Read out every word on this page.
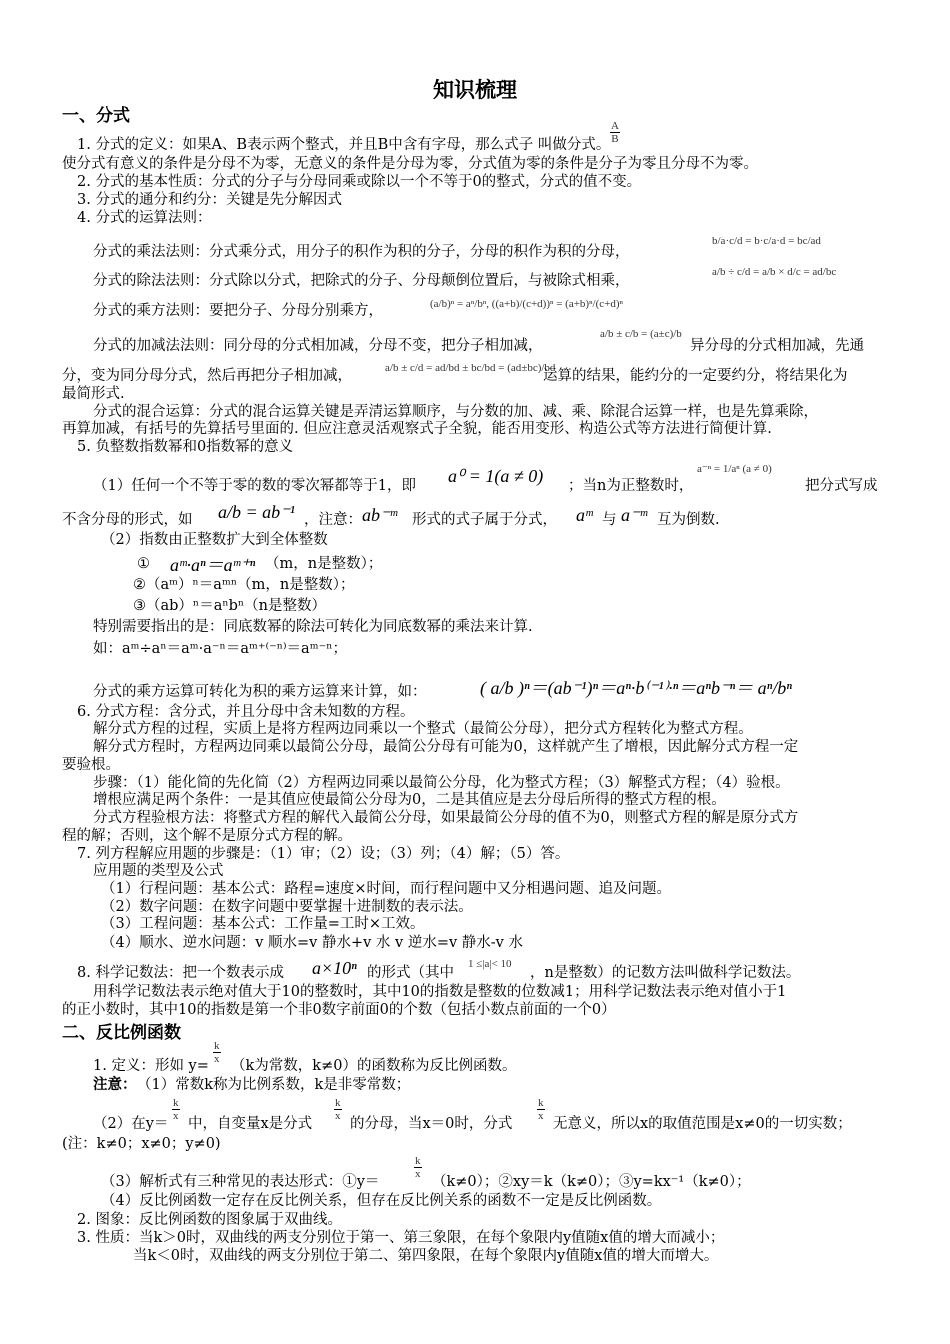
知识梳理
一、分式
1. 分式的定义：如果A、B表示两个整式，并且B中含有字母，那么式子 叫做分式。 $\frac{A}{B}$
使分式有意义的条件是分母不为零，无意义的条件是分母为零，分式值为零的条件是分子为零且分母不为零。
2. 分式的基本性质：分式的分子与分母同乘或除以一个不等于0的整式，分式的值不变。
3. 分式的通分和约分：关键是先分解因式
4. 分式的运算法则：
分式的乘法法则：分式乘分式，用分子的积作为积的分子，分母的积作为积的分母，
b/a·c/d = b·c/a·d = bc/ad
分式的除法法则：分式除以分式，把除式的分子、分母颠倒位置后，与被除式相乘，
a/b ÷ c/d = a/b × d/c = ad/bc
分式的乘方法则：要把分子、分母分别乘方，	(a/b)ⁿ = aⁿ/bⁿ, ((a+b)/(c+d))ⁿ = (a+b)ⁿ/(c+d)ⁿ
分式的加减法法则：同分母的分式相加减，分母不变，把分子相加减，
a/b ± c/b = (a±c)/b
异分母的分式相加减，先通
分，变为同分母分式，然后再把分子相加减，	a/b ± c/d = ad/bd ± bc/bd = (ad±bc)/bd
运算的结果，能约分的一定要约分，将结果化为
最简形式.
分式的混合运算：分式的混合运算关键是弄清运算顺序，与分数的加、减、乘、除混合运算一样，也是先算乘除，
再算加减，有括号的先算括号里面的. 但应注意灵活观察式子全貌，能否用变形、构造公式等方法进行简便计算.
5. 负整数指数幂和0指数幂的意义
（1）任何一个不等于零的数的零次幂都等于1，即 a⁰ = 1(a ≠ 0) ；当n为正整数时，
a⁻ⁿ = 1/aⁿ (a ≠ 0)
把分式写成
不含分母的形式，如 a/b = ab⁻¹ ，注意： ab⁻ᵐ 形式的式子属于分式， aᵐ 与 a⁻ᵐ 互为倒数.
（2）指数由正整数扩大到全体整数
① aᵐ·aⁿ＝aᵐ⁺ⁿ （m，n是整数）；
②（aᵐ）ⁿ＝aᵐⁿ（m，n是整数）；
③（ab）ⁿ＝aⁿbⁿ（n是整数）
特别需要指出的是：同底数幂的除法可转化为同底数幂的乘法来计算.
如：aᵐ÷aⁿ＝aᵐ·a⁻ⁿ＝aᵐ⁺⁽⁻ⁿ⁾＝aᵐ⁻ⁿ；
分式的乘方运算可转化为积的乘方运算来计算，如：	( a/b )ⁿ＝(ab⁻¹)ⁿ＝aⁿ·b⁽⁻¹⁾·ⁿ＝aⁿb⁻ⁿ＝ aⁿ/bⁿ
6. 分式方程：含分式，并且分母中含未知数的方程。
解分式方程的过程，实质上是将方程两边同乘以一个整式（最简公分母），把分式方程转化为整式方程。
解分式方程时，方程两边同乘以最简公分母，最简公分母有可能为0，这样就产生了增根，因此解分式方程一定
要验根。
步骤：（1）能化简的先化简（2）方程两边同乘以最简公分母，化为整式方程；（3）解整式方程；（4）验根。
增根应满足两个条件：一是其值应使最简公分母为0，二是其值应是去分母后所得的整式方程的根。
分式方程验根方法：将整式方程的解代入最简公分母，如果最简公分母的值不为0，则整式方程的解是原分式方
程的解；否则，这个解不是原分式方程的解。
7. 列方程解应用题的步骤是：（1）审；（2）设；（3）列；（4）解；（5）答。
应用题的类型及公式
（1）行程问题：基本公式：路程=速度×时间，而行程问题中又分相遇问题、追及问题。
（2）数字问题：在数字问题中要掌握十进制数的表示法。
（3）工程问题：基本公式：工作量=工时×工效。
（4）顺水、逆水问题：v 顺水=v 静水+v 水 v 逆水=v 静水-v 水
8. 科学记数法：把一个数表示成 a×10ⁿ 的形式（其中
1 ≤|a|< 10
，n是整数）的记数方法叫做科学记数法。
用科学记数法表示绝对值大于10的整数时，其中10的指数是整数的位数减1；用科学记数法表示绝对值小于1
的正小数时，其中10的指数是第一个非0数字前面0的个数（包括小数点前面的一个0）
二、反比例函数
1. 定义：形如 y=
$\frac{k}{x}$
（k为常数，k≠0）的函数称为反比例函数。
注意： （1）常数k称为比例系数，k是非零常数；
（2）在y＝
$\frac{k}{x}$
中，自变量x是分式
$\frac{k}{x}$
的分母，当x＝0时，分式
$\frac{k}{x}$
无意义，所以x的取值范围是x≠0的一切实数；
(注：k≠0；x≠0；y≠0)
（3）解析式有三种常见的表达形式：①y＝
$\frac{k}{x}$
（k≠0）；②xy＝k（k≠0）；③y=kx⁻¹（k≠0）；
（4）反比例函数一定存在反比例关系，但存在反比例关系的函数不一定是反比例函数。
2. 图象：反比例函数的图象属于双曲线。
3. 性质：当k＞0时，双曲线的两支分别位于第一、第三象限，在每个象限内y值随x值的增大而减小；
当k＜0时，双曲线的两支分别位于第二、第四象限，在每个象限内y值随x值的增大而增大。
